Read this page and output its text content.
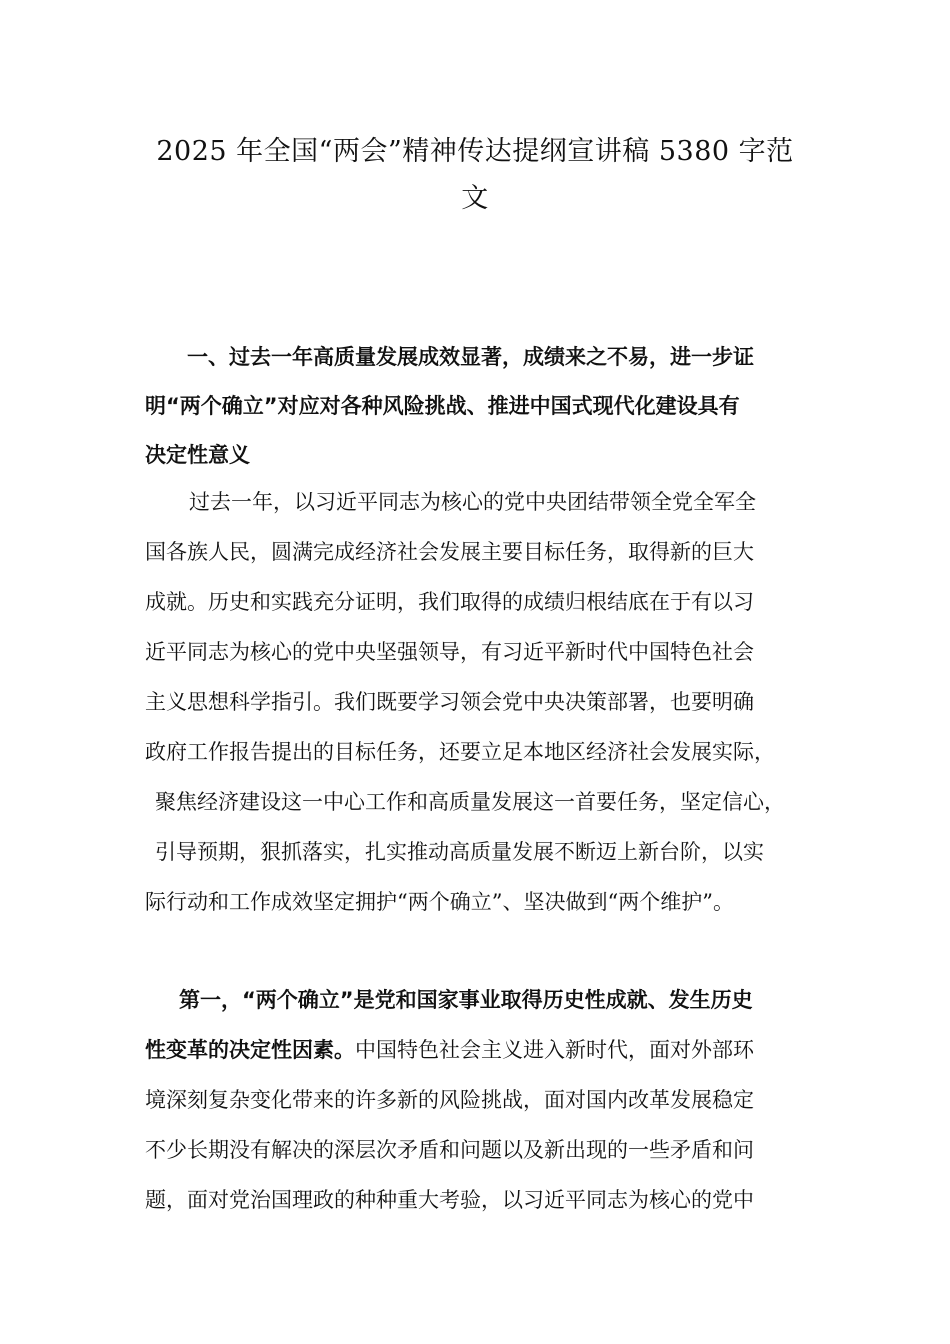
2025 年全国“两会”精神传达提纲宣讲稿 5380 字范
文
一、过去一年高质量发展成效显著，成绩来之不易，进一步证
明“两个确立”对应对各种风险挑战、推进中国式现代化建设具有
决定性意义
过去一年，以习近平同志为核心的党中央团结带领全党全军全
国各族人民，圆满完成经济社会发展主要目标任务，取得新的巨大
成就。历史和实践充分证明，我们取得的成绩归根结底在于有以习
近平同志为核心的党中央坚强领导，有习近平新时代中国特色社会
主义思想科学指引。我们既要学习领会党中央决策部署，也要明确
政府工作报告提出的目标任务，还要立足本地区经济社会发展实际，
聚焦经济建设这一中心工作和高质量发展这一首要任务，坚定信心，
引导预期，狠抓落实，扎实推动高质量发展不断迈上新台阶，以实
际行动和工作成效坚定拥护“两个确立”、坚决做到“两个维护”。
第一，“两个确立”是党和国家事业取得历史性成就、发生历史
性变革的决定性因素。中国特色社会主义进入新时代，面对外部环
境深刻复杂变化带来的许多新的风险挑战，面对国内改革发展稳定
不少长期没有解决的深层次矛盾和问题以及新出现的一些矛盾和问
题，面对党治国理政的种种重大考验，以习近平同志为核心的党中
